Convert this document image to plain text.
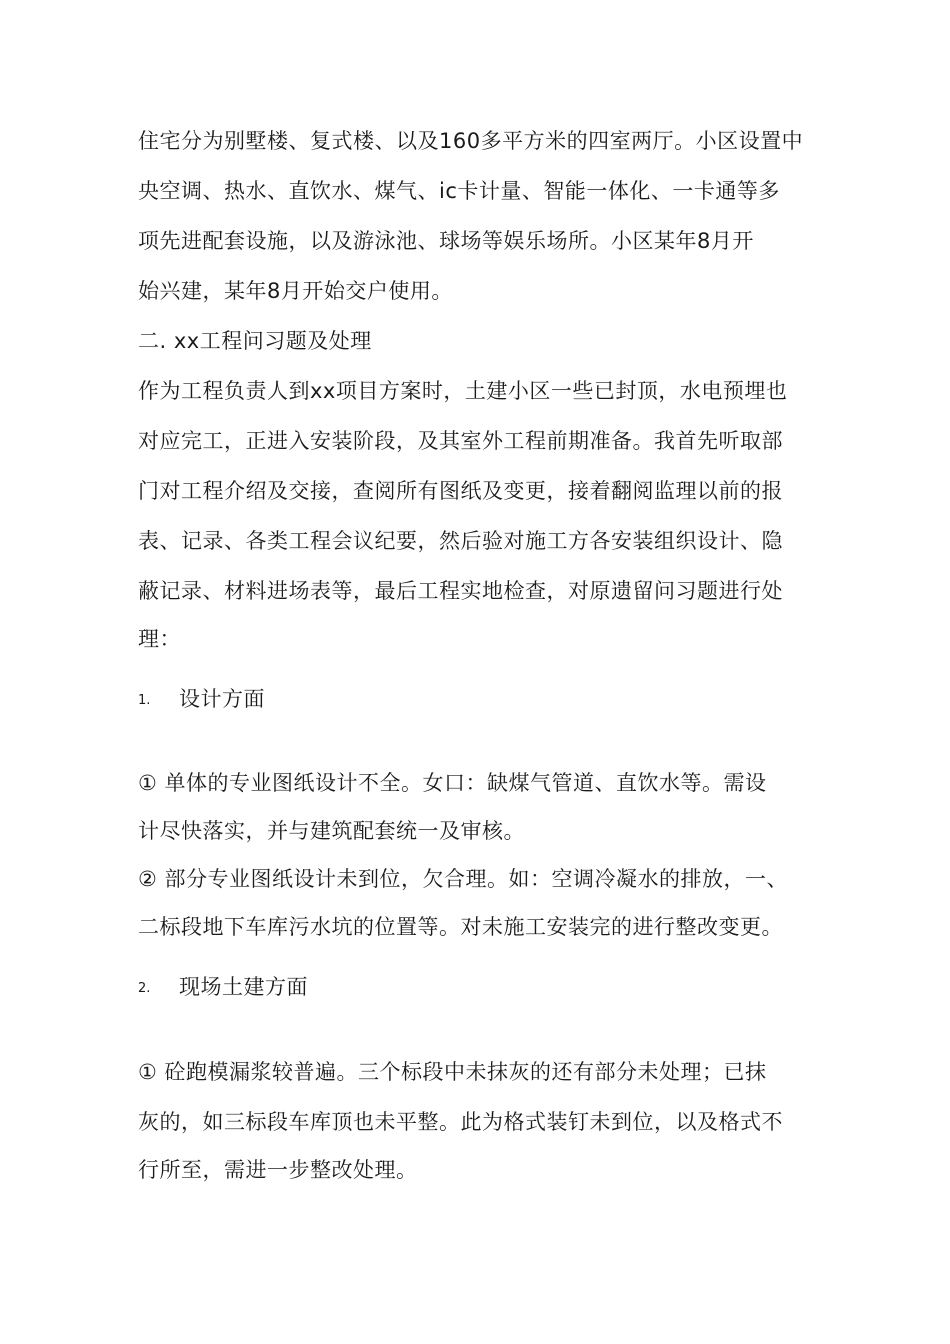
住宅分为别墅楼、复式楼、以及160多平方米的四室两厅。小区设置中
央空调、热水、直饮水、煤气、ic卡计量、智能一体化、一卡通等多
项先进配套设施，以及游泳池、球场等娱乐场所。小区某年8月开
始兴建，某年8月开始交户使用。
二. xx工程问习题及处理
作为工程负责人到xx项目方案时，土建小区一些已封顶，水电预埋也
对应完工，正进入安装阶段，及其室外工程前期准备。我首先听取部
门对工程介绍及交接，查阅所有图纸及变更，接着翻阅监理以前的报
表、记录、各类工程会议纪要，然后验对施工方各安装组织设计、隐
蔽记录、材料进场表等，最后工程实地检查，对原遗留问习题进行处
理：
1. 设计方面
① 单体的专业图纸设计不全。女口：缺煤气管道、直饮水等。需设
计尽快落实，并与建筑配套统一及审核。
② 部分专业图纸设计未到位，欠合理。如：空调冷凝水的排放，一、
二标段地下车库污水坑的位置等。对未施工安装完的进行整改变更。
2. 现场土建方面
① 砼跑模漏浆较普遍。三个标段中未抹灰的还有部分未处理；已抹
灰的，如三标段车库顶也未平整。此为格式装钉未到位，以及格式不
行所至，需进一步整改处理。
